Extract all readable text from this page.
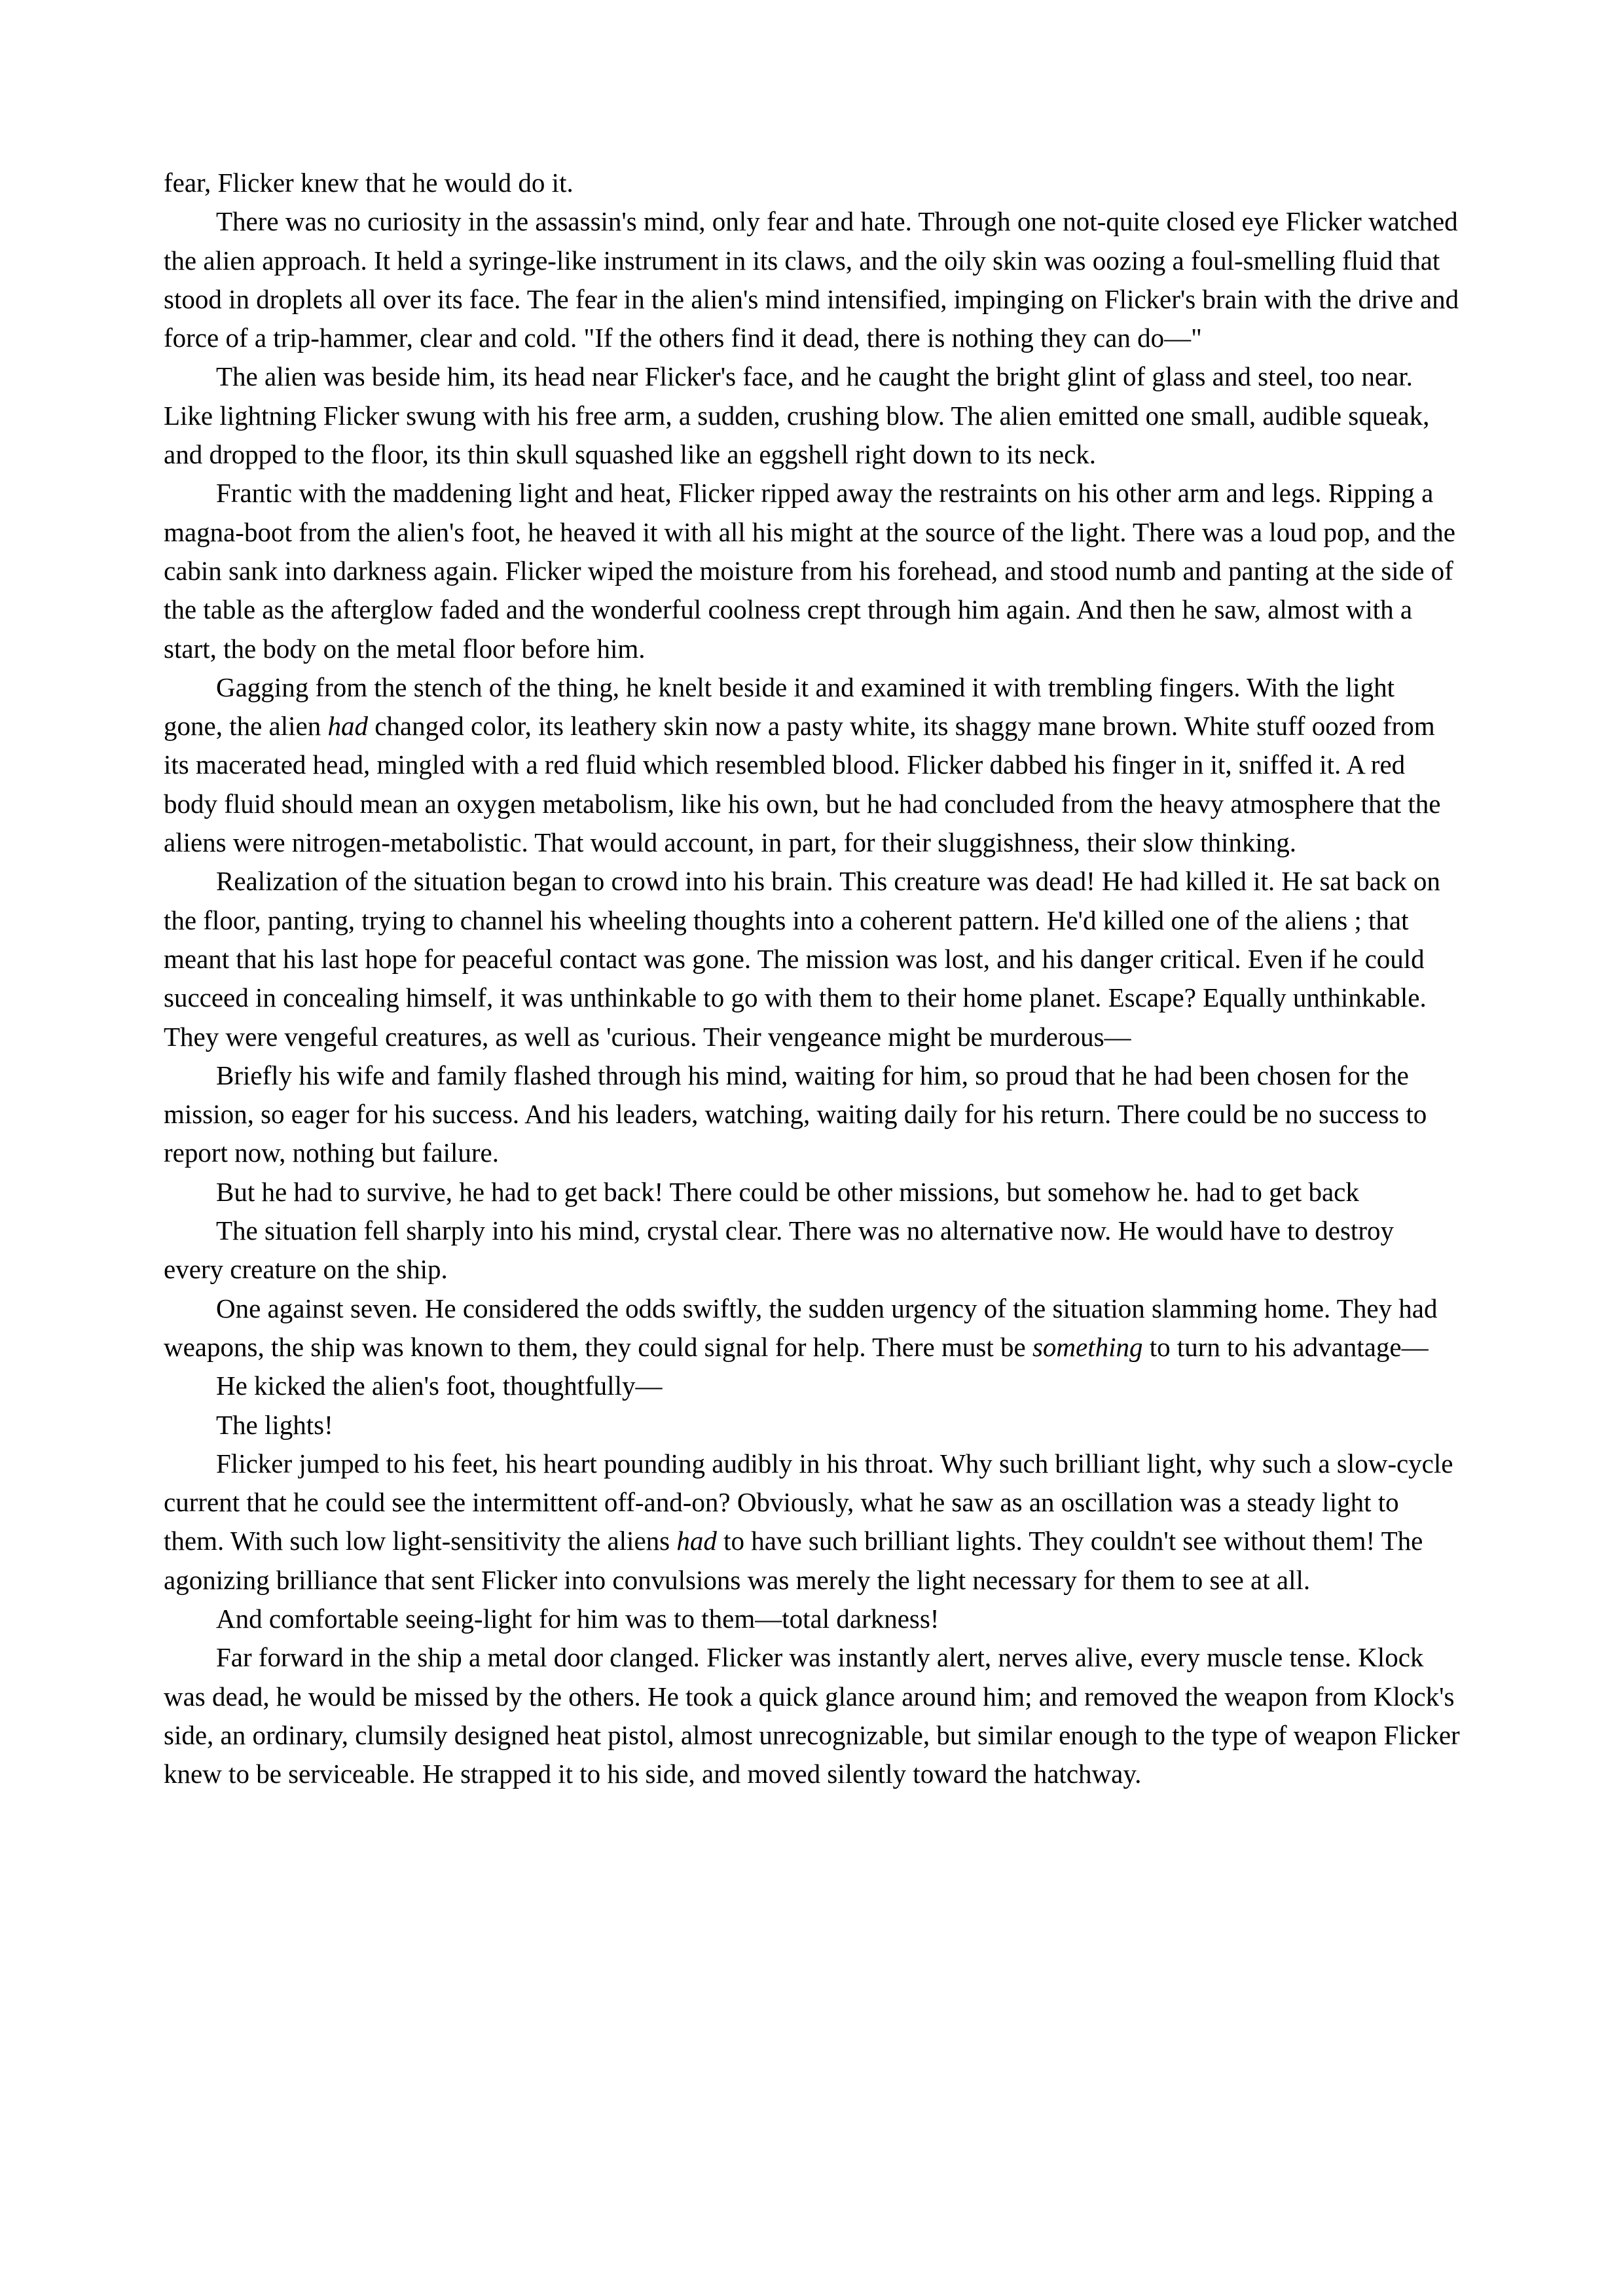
fear, Flicker knew that he would do it.

There was no curiosity in the assassin's mind, only fear and hate. Through one not-quite closed eye Flicker watched the alien approach. It held a syringe-like instrument in its claws, and the oily skin was oozing a foul-smelling fluid that stood in droplets all over its face. The fear in the alien's mind intensified, impinging on Flicker's brain with the drive and force of a trip-hammer, clear and cold. "If the others find it dead, there is nothing they can do—"

The alien was beside him, its head near Flicker's face, and he caught the bright glint of glass and steel, too near. Like lightning Flicker swung with his free arm, a sudden, crushing blow. The alien emitted one small, audible squeak, and dropped to the floor, its thin skull squashed like an eggshell right down to its neck.

Frantic with the maddening light and heat, Flicker ripped away the restraints on his other arm and legs. Ripping a magna-boot from the alien's foot, he heaved it with all his might at the source of the light. There was a loud pop, and the cabin sank into darkness again. Flicker wiped the moisture from his forehead, and stood numb and panting at the side of the table as the afterglow faded and the wonderful coolness crept through him again. And then he saw, almost with a start, the body on the metal floor before him.

Gagging from the stench of the thing, he knelt beside it and examined it with trembling fingers. With the light gone, the alien had changed color, its leathery skin now a pasty white, its shaggy mane brown. White stuff oozed from its macerated head, mingled with a red fluid which resembled blood. Flicker dabbed his finger in it, sniffed it. A red body fluid should mean an oxygen metabolism, like his own, but he had concluded from the heavy atmosphere that the aliens were nitrogen-metabolistic. That would account, in part, for their sluggishness, their slow thinking.

Realization of the situation began to crowd into his brain. This creature was dead! He had killed it. He sat back on the floor, panting, trying to channel his wheeling thoughts into a coherent pattern. He'd killed one of the aliens ; that meant that his last hope for peaceful contact was gone. The mission was lost, and his danger critical. Even if he could succeed in concealing himself, it was unthinkable to go with them to their home planet. Escape? Equally unthinkable. They were vengeful creatures, as well as 'curious. Their vengeance might be murderous—

Briefly his wife and family flashed through his mind, waiting for him, so proud that he had been chosen for the mission, so eager for his success. And his leaders, watching, waiting daily for his return. There could be no success to report now, nothing but failure.

But he had to survive, he had to get back! There could be other missions, but somehow he. had to get back

The situation fell sharply into his mind, crystal clear. There was no alternative now. He would have to destroy every creature on the ship.

One against seven. He considered the odds swiftly, the sudden urgency of the situation slamming home. They had weapons, the ship was known to them, they could signal for help. There must be something to turn to his advantage—

He kicked the alien's foot, thoughtfully—

The lights!

Flicker jumped to his feet, his heart pounding audibly in his throat. Why such brilliant light, why such a slow-cycle current that he could see the intermittent off-and-on? Obviously, what he saw as an oscillation was a steady light to them. With such low light-sensitivity the aliens had to have such brilliant lights. They couldn't see without them! The agonizing brilliance that sent Flicker into convulsions was merely the light necessary for them to see at all.

And comfortable seeing-light for him was to them—total darkness!

Far forward in the ship a metal door clanged. Flicker was instantly alert, nerves alive, every muscle tense. Klock was dead, he would be missed by the others. He took a quick glance around him; and removed the weapon from Klock's side, an ordinary, clumsily designed heat pistol, almost unrecognizable, but similar enough to the type of weapon Flicker knew to be serviceable. He strapped it to his side, and moved silently toward the hatchway.
